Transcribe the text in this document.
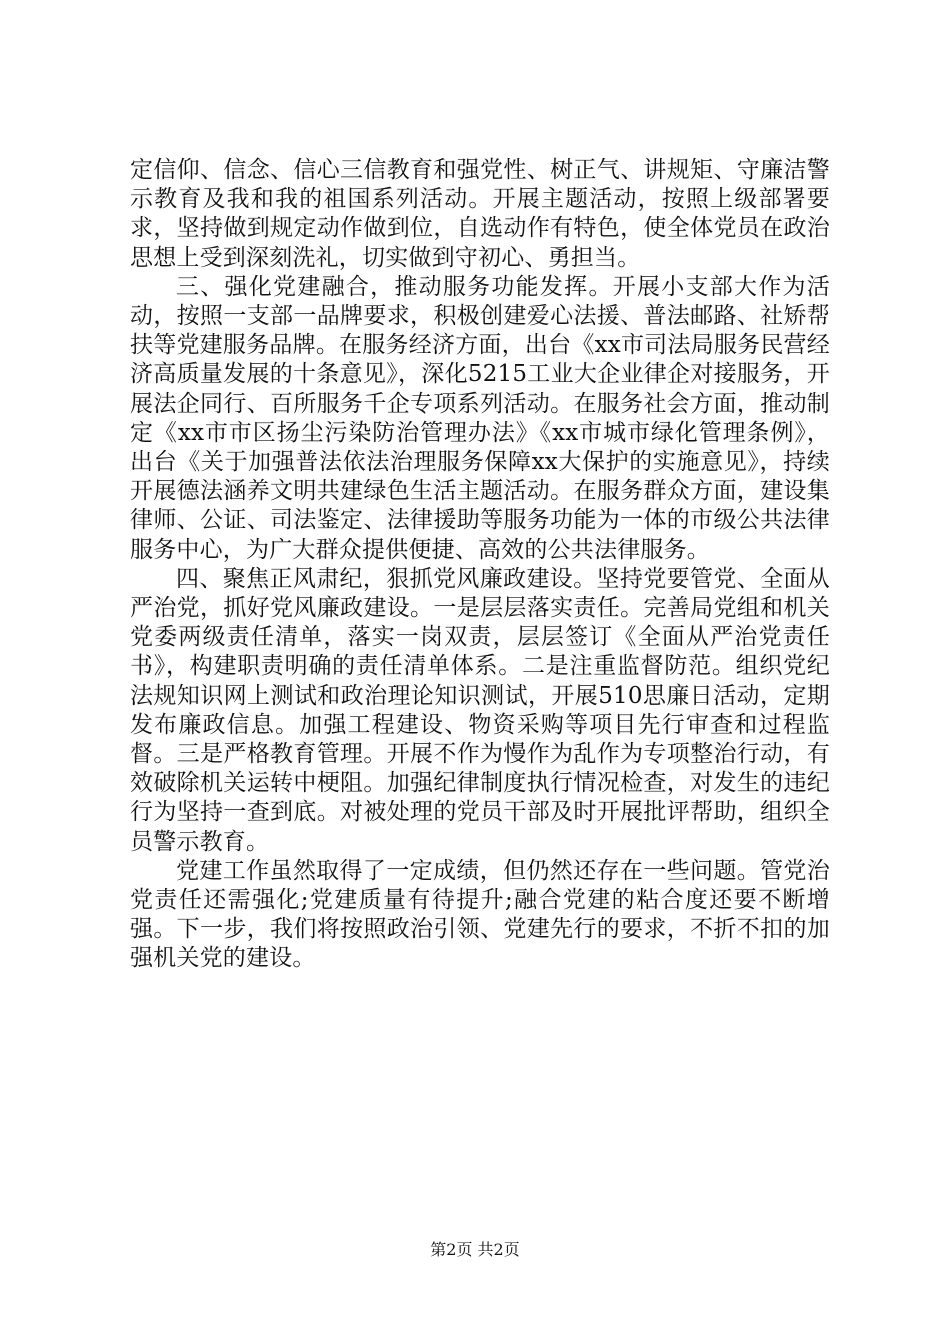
定信仰、信念、信心三信教育和强党性、树正气、讲规矩、守廉洁警示教育及我和我的祖国系列活动。开展主题活动，按照上级部署要求，坚持做到规定动作做到位，自选动作有特色，使全体党员在政治思想上受到深刻洗礼，切实做到守初心、勇担当。

三、强化党建融合，推动服务功能发挥。开展小支部大作为活动，按照一支部一品牌要求，积极创建爱心法援、普法邮路、社矫帮扶等党建服务品牌。在服务经济方面，出台《xx市司法局服务民营经济高质量发展的十条意见》，深化5215工业大企业律企对接服务，开展法企同行、百所服务千企专项系列活动。在服务社会方面，推动制定《xx市市区扬尘污染防治管理办法》《xx市城市绿化管理条例》，出台《关于加强普法依法治理服务保障xx大保护的实施意见》，持续开展德法涵养文明共建绿色生活主题活动。在服务群众方面，建设集律师、公证、司法鉴定、法律援助等服务功能为一体的市级公共法律服务中心，为广大群众提供便捷、高效的公共法律服务。

四、聚焦正风肃纪，狠抓党风廉政建设。坚持党要管党、全面从严治党，抓好党风廉政建设。一是层层落实责任。完善局党组和机关党委两级责任清单，落实一岗双责，层层签订《全面从严治党责任书》，构建职责明确的责任清单体系。二是注重监督防范。组织党纪法规知识网上测试和政治理论知识测试，开展510思廉日活动，定期发布廉政信息。加强工程建设、物资采购等项目先行审查和过程监督。三是严格教育管理。开展不作为慢作为乱作为专项整治行动，有效破除机关运转中梗阻。加强纪律制度执行情况检查，对发生的违纪行为坚持一查到底。对被处理的党员干部及时开展批评帮助，组织全员警示教育。

党建工作虽然取得了一定成绩，但仍然还存在一些问题。管党治党责任还需强化;党建质量有待提升;融合党建的粘合度还要不断增强。下一步，我们将按照政治引领、党建先行的要求，不折不扣的加强机关党的建设。

第2页 共2页
